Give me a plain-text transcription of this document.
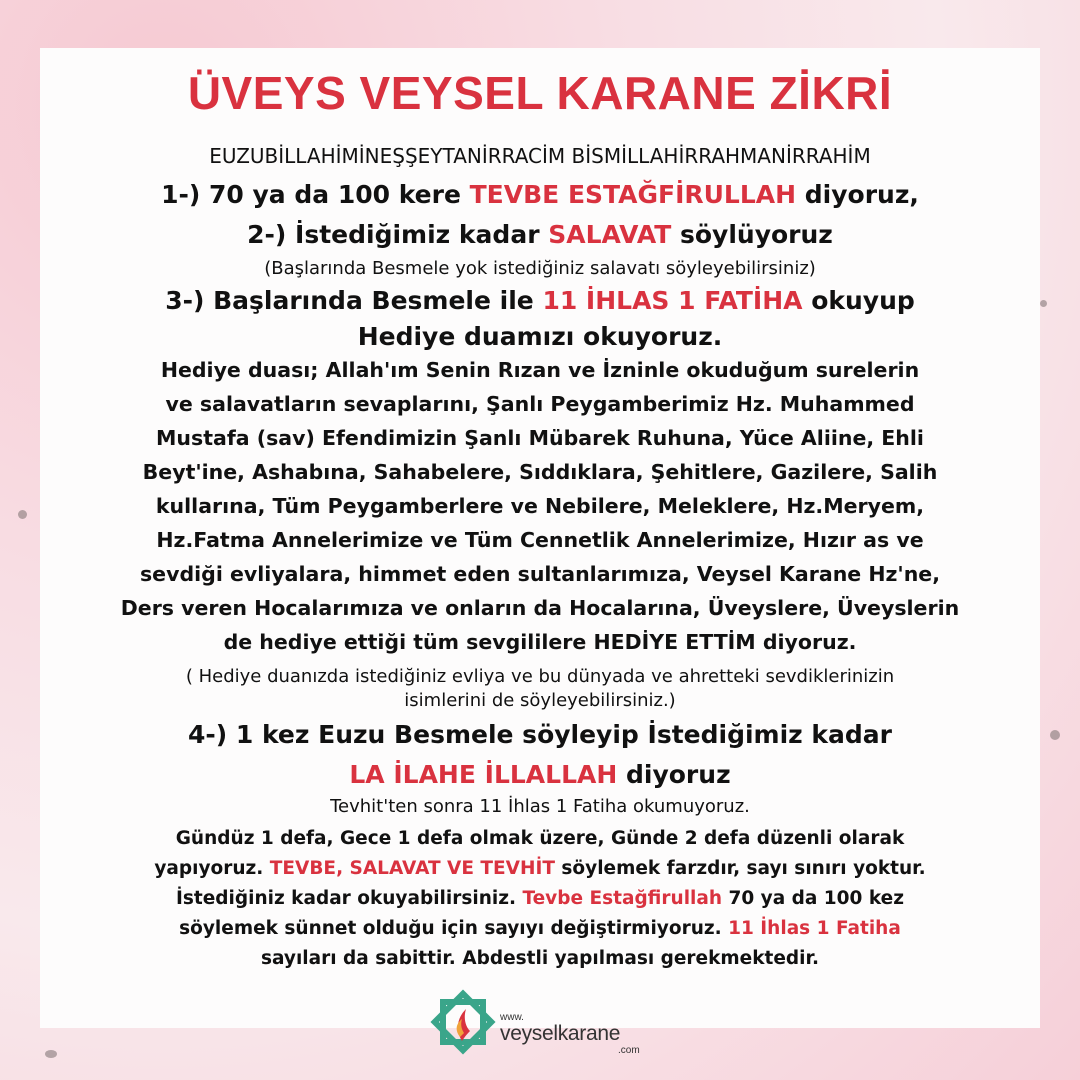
ÜVEYS VEYSEL KARANE ZİKRİ
EUZUBİLLAHİMİNEŞŞEYTANİRRACİM BİSMİLLAHİRRAHMANİRRAHİM
1-) 70 ya da 100 kere TEVBE ESTAĞFİRULLAH diyoruz,
2-) İstediğimiz kadar SALAVAT söylüyoruz
(Başlarında Besmele yok istediğiniz salavatı söyleyebilirsiniz)
3-) Başlarında Besmele ile 11 İHLAS 1 FATİHA okuyup
Hediye duamızı okuyoruz.
Hediye duası; Allah'ım Senin Rızan ve İzninle okuduğum surelerin
ve salavatların sevaplarını, Şanlı Peygamberimiz Hz. Muhammed
Mustafa (sav) Efendimizin Şanlı Mübarek Ruhuna, Yüce Aliine, Ehli
Beyt'ine, Ashabına, Sahabelere, Sıddıklara, Şehitlere, Gazilere, Salih
kullarına, Tüm Peygamberlere ve Nebilere, Meleklere, Hz.Meryem,
Hz.Fatma Annelerimize ve Tüm Cennetlik Annelerimize, Hızır as ve
sevdiği evliyalara, himmet eden sultanlarımıza, Veysel Karane Hz'ne,
Ders veren Hocalarımıza ve onların da Hocalarına, Üveyslere, Üveyslerin
de hediye ettiği tüm sevgililere HEDİYE ETTİM diyoruz.
( Hediye duanızda istediğiniz evliya ve bu dünyada ve ahretteki sevdiklerinizin
isimlerini de söyleyebilirsiniz.)
4-) 1 kez Euzu Besmele söyleyip İstediğimiz kadar
LA İLAHE İLLALLAH diyoruz
Tevhit'ten sonra 11 İhlas 1 Fatiha okumuyoruz.
Gündüz 1 defa, Gece 1 defa olmak üzere, Günde 2 defa düzenli olarak
yapıyoruz. TEVBE, SALAVAT VE TEVHİT söylemek farzdır, sayı sınırı yoktur.
İstediğiniz kadar okuyabilirsiniz. Tevbe Estağfirullah 70 ya da 100 kez
söylemek sünnet olduğu için sayıyı değiştirmiyoruz. 11 İhlas 1 Fatiha
sayıları da sabittir. Abdestli yapılması gerekmektedir.
www.
veyselkarane
.com
